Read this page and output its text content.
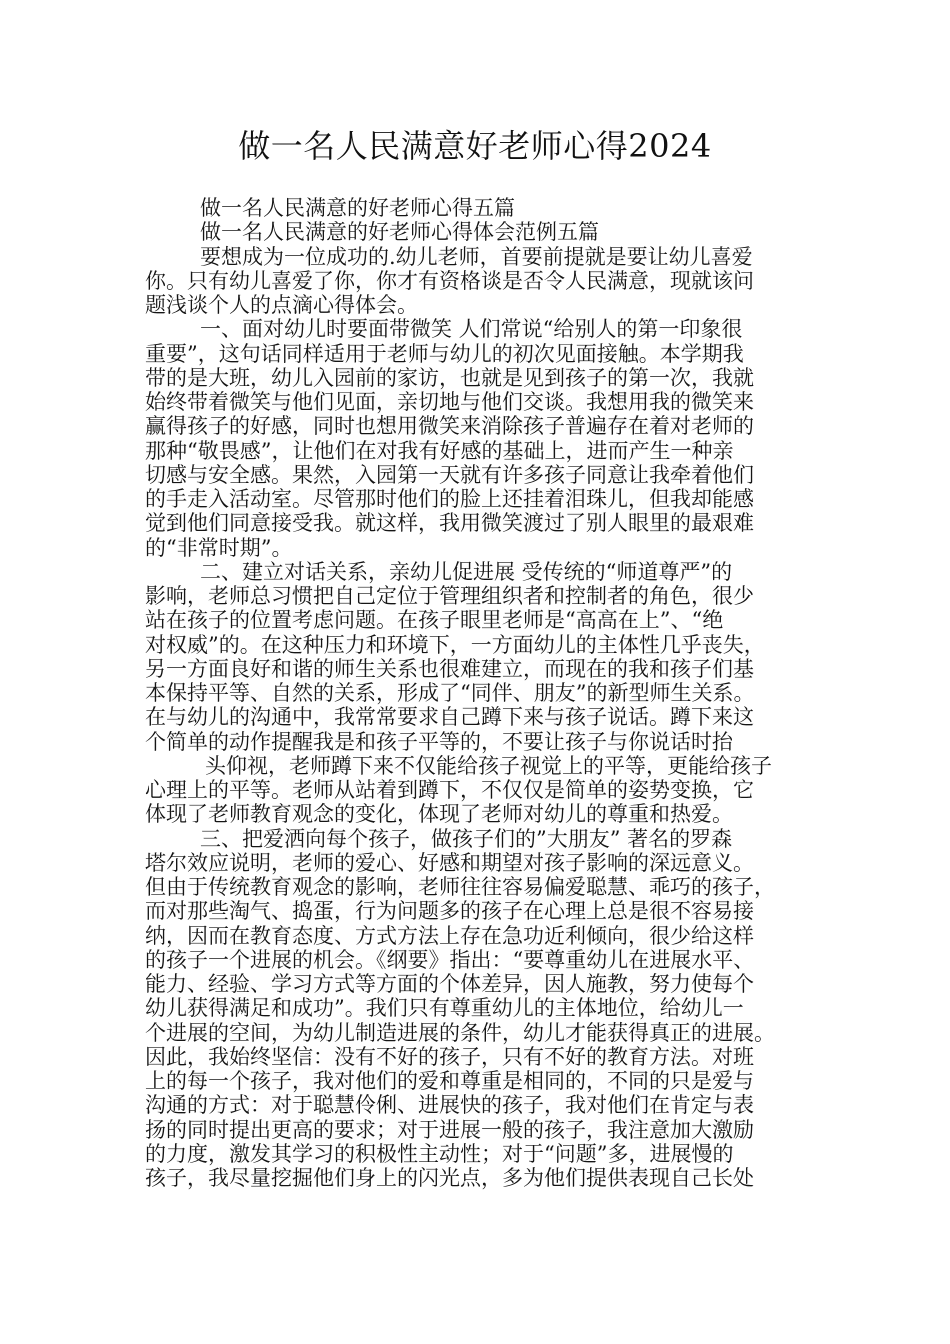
做一名人民满意好老师心得2024
做一名人民满意的好老师心得五篇
做一名人民满意的好老师心得体会范例五篇
要想成为一位成功的.幼儿老师，首要前提就是要让幼儿喜爱
你。只有幼儿喜爱了你，你才有资格谈是否令人民满意，现就该问
题浅谈个人的点滴心得体会。
一、面对幼儿时要面带微笑 人们常说“给别人的第一印象很
重要”，这句话同样适用于老师与幼儿的初次见面接触。本学期我
带的是大班，幼儿入园前的家访，也就是见到孩子的第一次，我就
始终带着微笑与他们见面，亲切地与他们交谈。我想用我的微笑来
赢得孩子的好感，同时也想用微笑来消除孩子普遍存在着对老师的
那种“敬畏感”，让他们在对我有好感的基础上，进而产生一种亲
切感与安全感。果然，入园第一天就有许多孩子同意让我牵着他们
的手走入活动室。尽管那时他们的脸上还挂着泪珠儿，但我却能感
觉到他们同意接受我。就这样，我用微笑渡过了别人眼里的最艰难
的“非常时期”。
二、建立对话关系，亲幼儿促进展 受传统的“师道尊严”的
影响，老师总习惯把自己定位于管理组织者和控制者的角色，很少
站在孩子的位置考虑问题。在孩子眼里老师是“高高在上”、“绝
对权威”的。在这种压力和环境下，一方面幼儿的主体性几乎丧失，
另一方面良好和谐的师生关系也很难建立，而现在的我和孩子们基
本保持平等、自然的关系，形成了“同伴、朋友”的新型师生关系。
在与幼儿的沟通中，我常常要求自己蹲下来与孩子说话。蹲下来这
个简单的动作提醒我是和孩子平等的，不要让孩子与你说话时抬
头仰视，老师蹲下来不仅能给孩子视觉上的平等，更能给孩子
心理上的平等。老师从站着到蹲下，不仅仅是简单的姿势变换，它
体现了老师教育观念的变化，体现了老师对幼儿的尊重和热爱。
三、把爱洒向每个孩子，做孩子们的”大朋友” 著名的罗森
塔尔效应说明，老师的爱心、好感和期望对孩子影响的深远意义。
但由于传统教育观念的影响，老师往往容易偏爱聪慧、乖巧的孩子，
而对那些淘气、捣蛋，行为问题多的孩子在心理上总是很不容易接
纳，因而在教育态度、方式方法上存在急功近利倾向，很少给这样
的孩子一个进展的机会。《纲要》指出：“要尊重幼儿在进展水平、
能力、经验、学习方式等方面的个体差异，因人施教，努力使每个
幼儿获得满足和成功”。我们只有尊重幼儿的主体地位，给幼儿一
个进展的空间，为幼儿制造进展的条件，幼儿才能获得真正的进展。
因此，我始终坚信：没有不好的孩子，只有不好的教育方法。对班
上的每一个孩子，我对他们的爱和尊重是相同的，不同的只是爱与
沟通的方式：对于聪慧伶俐、进展快的孩子，我对他们在肯定与表
扬的同时提出更高的要求；对于进展一般的孩子，我注意加大激励
的力度，激发其学习的积极性主动性；对于“问题”多，进展慢的
孩子，我尽量挖掘他们身上的闪光点，多为他们提供表现自己长处
